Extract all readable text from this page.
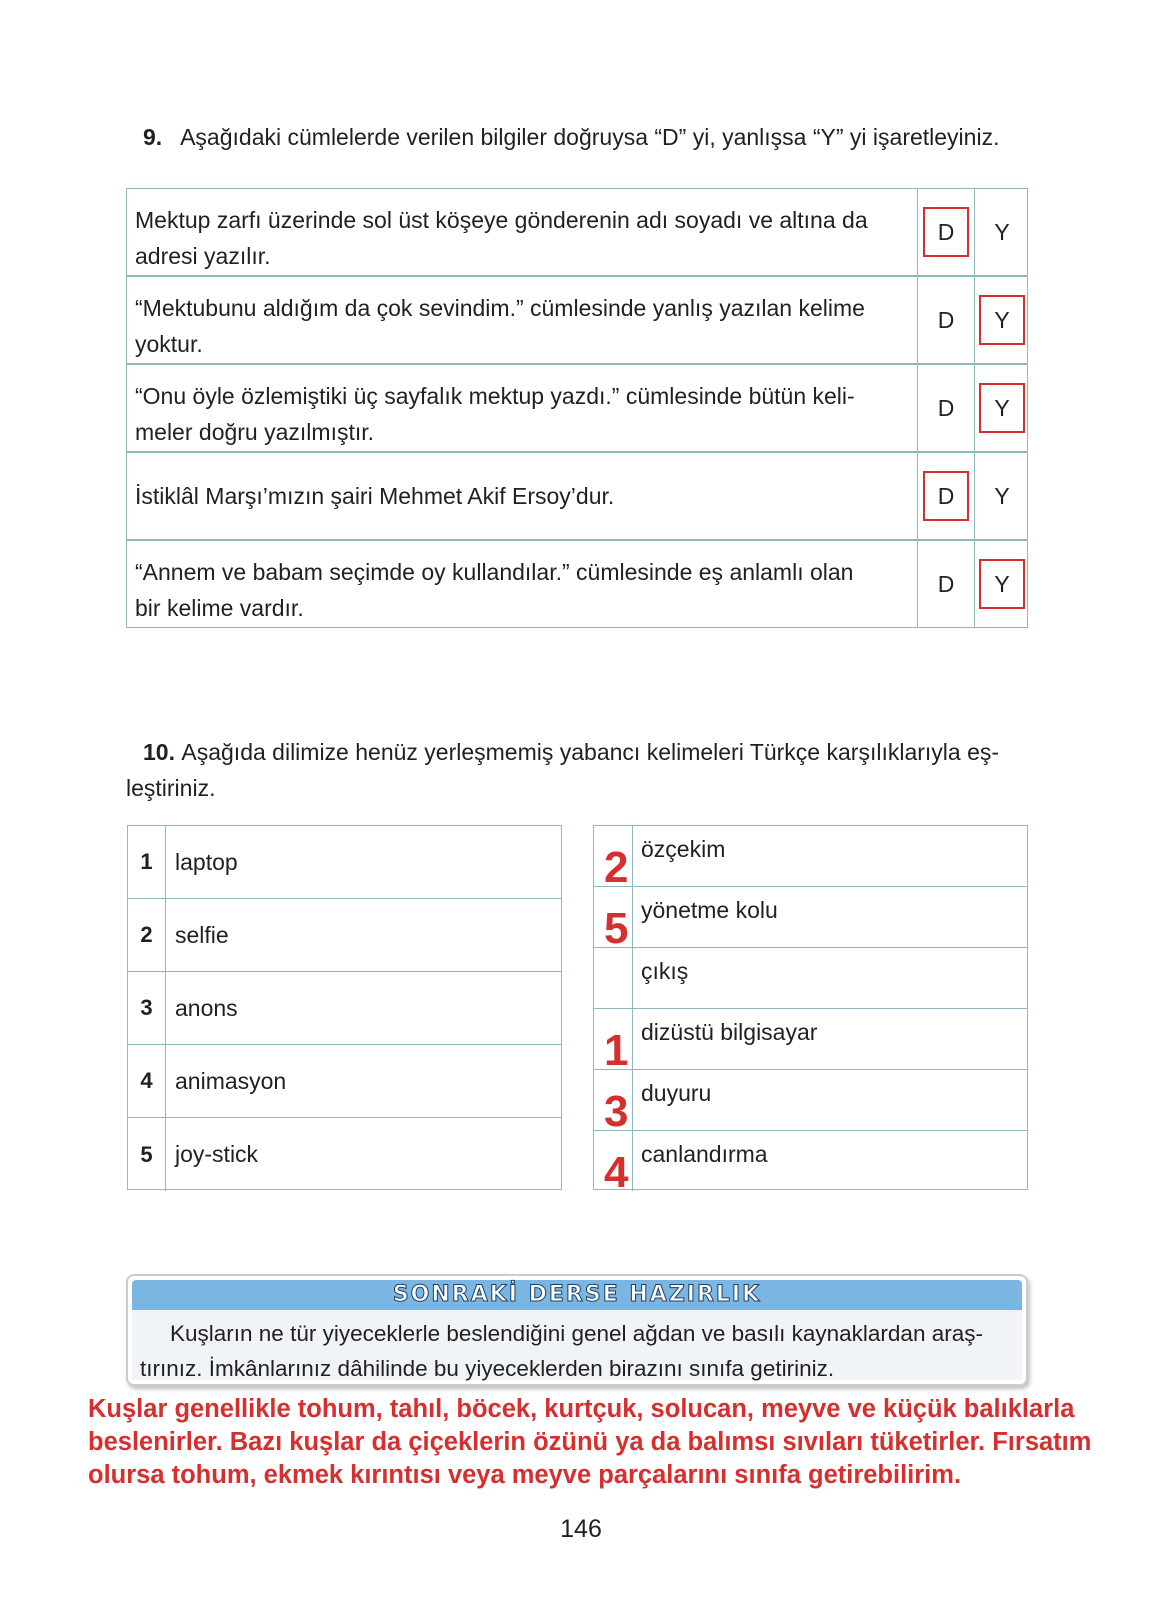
9. Aşağıdaki cümlelerde verilen bilgiler doğruysa “D” yi, yanlışsa “Y” yi işaretleyiniz.
Mektup zarfı üzerinde sol üst köşeye gönderenin adı soyadı ve altına da
adresi yazılır.
D Y
“Mektubunu aldığım da çok sevindim.” cümlesinde yanlış yazılan kelime
yoktur.
D Y
“Onu öyle özlemiştiki üç sayfalık mektup yazdı.” cümlesinde bütün keli-
meler doğru yazılmıştır.
D Y
İstiklâl Marşı’mızın şairi Mehmet Akif Ersoy’dur.	D Y
“Annem ve babam seçimde oy kullandılar.” cümlesinde eş anlamlı olan
bir kelime vardır.
D Y
10. Aşağıda dilimize henüz yerleşmemiş yabancı kelimeleri Türkçe karşılıklarıyla eş-
leştiriniz.
1 laptop
2 selfie
3 anons
4 animasyon
5 joy-stick
2 özçekim
5 yönetme kolu
çıkış
1 dizüstü bilgisayar
3 duyuru
4 canlandırma
SONRAKİ DERSE HAZIRLIK
Kuşların ne tür yiyeceklerle beslendiğini genel ağdan ve basılı kaynaklardan araş-
tırınız. İmkânlarınız dâhilinde bu yiyeceklerden birazını sınıfa getiriniz.
Kuşlar genellikle tohum, tahıl, böcek, kurtçuk, solucan, meyve ve küçük balıklarla
beslenirler. Bazı kuşlar da çiçeklerin özünü ya da balımsı sıvıları tüketirler. Fırsatım
olursa tohum, ekmek kırıntısı veya meyve parçalarını sınıfa getirebilirim.
146
